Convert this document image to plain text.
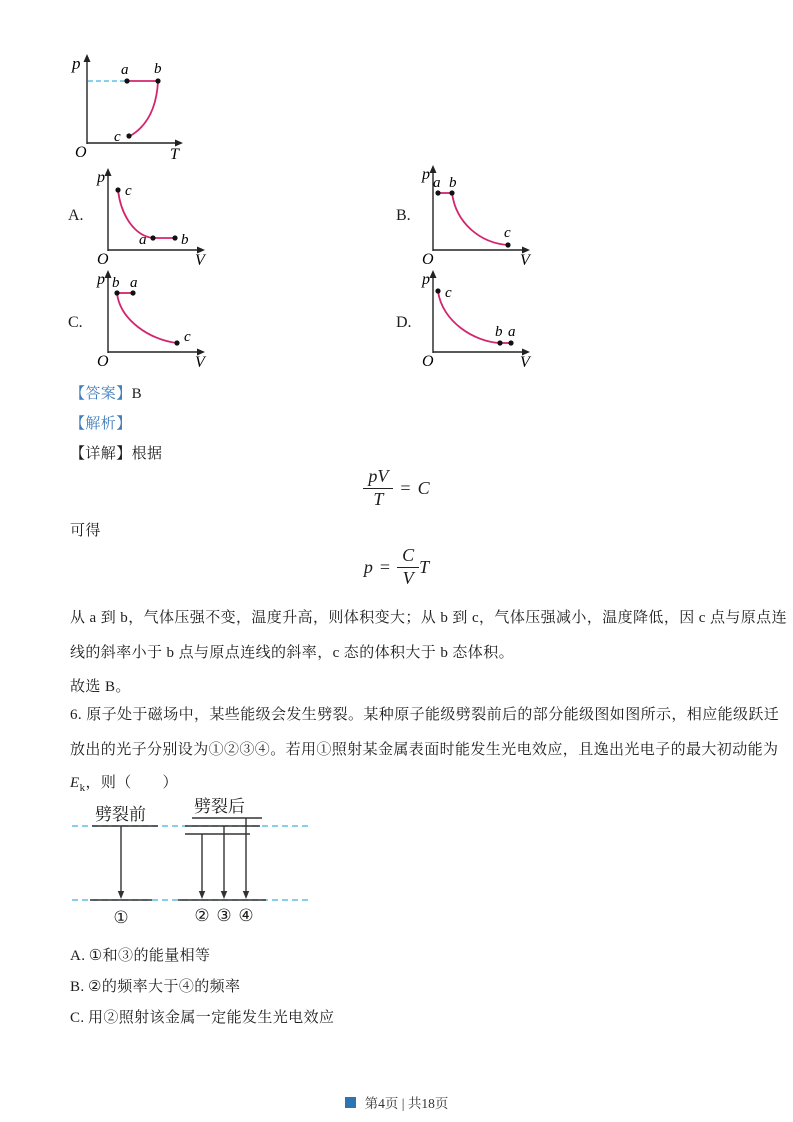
p
T
O
a b
c
A.
p
V
O
c
a b
B.
p
V
O
a b
c
C.
p
V
O
b a
c
D.
p
V
O
c
b a
【答案】B
【解析】
【详解】根据
$\frac{pV}{T} = C$
可得
$p = \frac{C}{V}$ T
从 a 到 b，气体压强不变，温度升高，则体积变大；从 b 到 c，气体压强减小，温度降低，因 c 点与原点连
线的斜率小于 b 点与原点连线的斜率，c 态的体积大于 b 态体积。
故选 B。
6. 原子处于磁场中，某些能级会发生劈裂。某种原子能级劈裂前后的部分能级图如图所示，相应能级跃迁
放出的光子分别设为①②③④。若用①照射某金属表面时能发生光电效应，且逸出光电子的最大初动能为
$E_k$，则（　　）
劈裂前	劈裂后
①	② ③ ④
A.  ①和③的能量相等
B.  ②的频率大于④的频率
C.  用②照射该金属一定能发生光电效应
第4页 | 共18页
